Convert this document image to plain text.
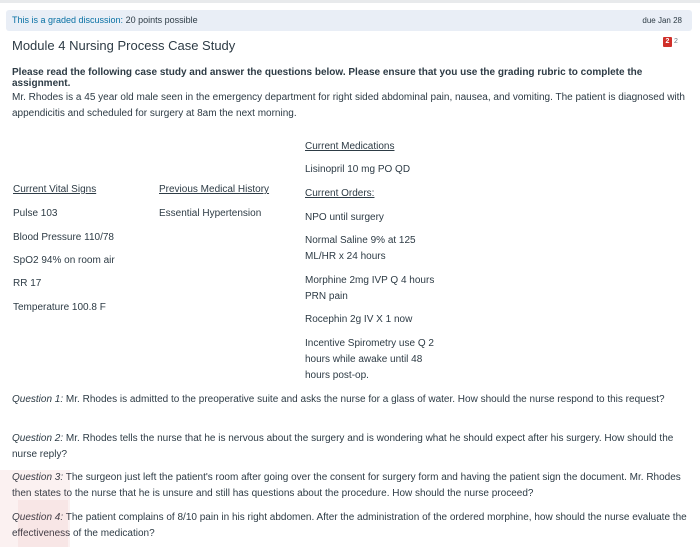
This is a graded discussion: 20 points possible	due Jan 28
Module 4 Nursing Process Case Study	2 2
Please read the following case study and answer the questions below. Please ensure that you use the grading rubric to complete the assignment.
Mr. Rhodes is a 45 year old male seen in the emergency department for right sided abdominal pain, nausea, and vomiting. The patient is diagnosed with appendicitis and scheduled for surgery at 8am the next morning.
Current Medications
Lisinopril 10 mg PO QD
Current Vital Signs
Pulse 103
Blood Pressure 110/78
SpO2 94% on room air
RR 17
Temperature 100.8 F
Previous Medical History
Essential Hypertension
Current Orders:
NPO until surgery
Normal Saline 9% at 125 ML/HR x 24 hours
Morphine 2mg IVP Q 4 hours PRN pain
Rocephin 2g IV X 1 now
Incentive Spirometry use Q 2 hours while awake until 48 hours post-op.
Question 1: Mr. Rhodes is admitted to the preoperative suite and asks the nurse for a glass of water. How should the nurse respond to this request?
Question 2: Mr. Rhodes tells the nurse that he is nervous about the surgery and is wondering what he should expect after his surgery. How should the nurse reply?
Question 3: The surgeon just left the patient's room after going over the consent for surgery form and having the patient sign the document. Mr. Rhodes then states to the nurse that he is unsure and still has questions about the procedure. How should the nurse proceed?
Question 4: The patient complains of 8/10 pain in his right abdomen. After the administration of the ordered morphine, how should the nurse evaluate the effectiveness of the medication?
